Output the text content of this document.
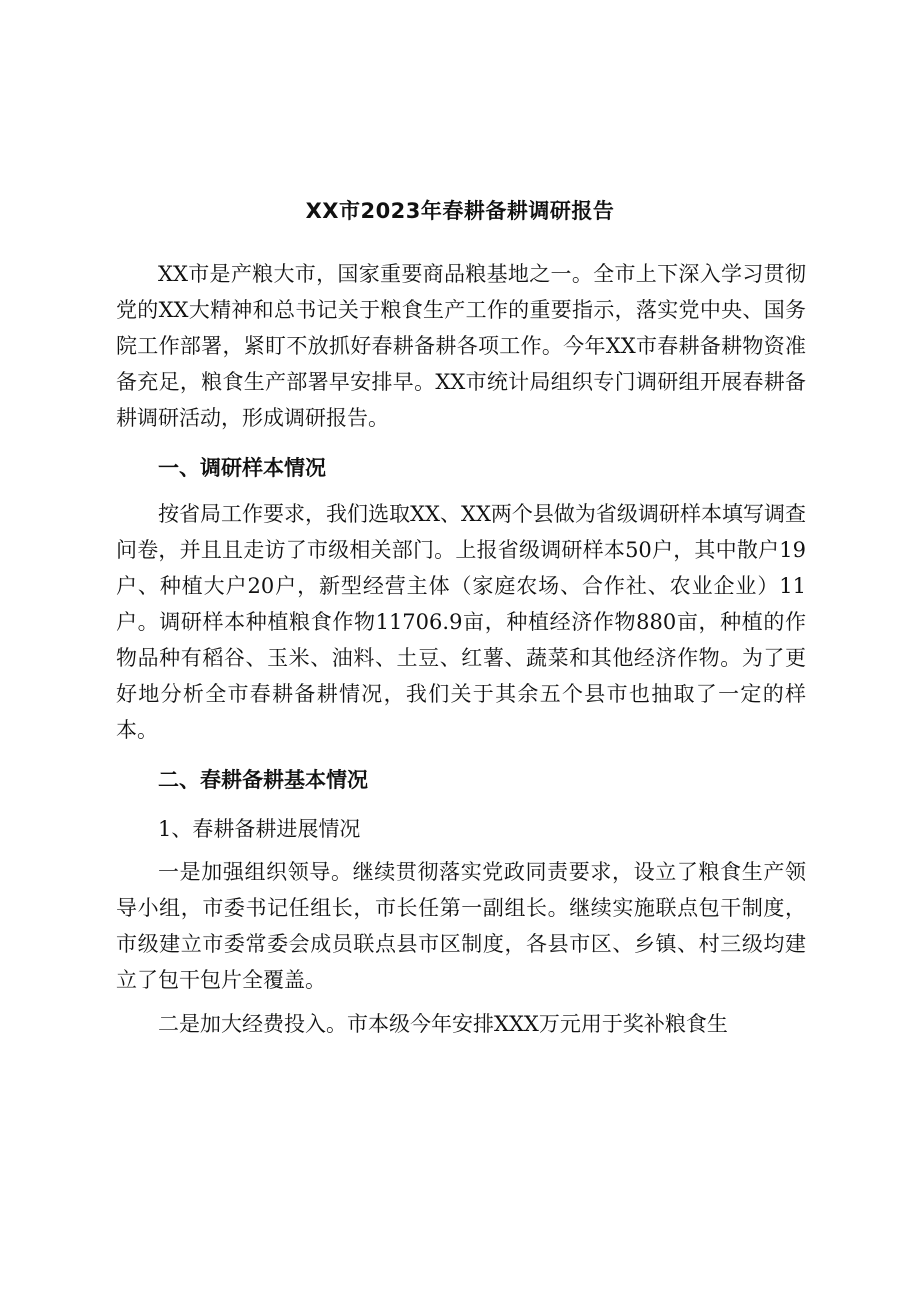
XX市2023年春耕备耕调研报告

XX市是产粮大市，国家重要商品粮基地之一。全市上下深入学习贯彻党的XX大精神和总书记关于粮食生产工作的重要指示，落实党中央、国务院工作部署，紧盯不放抓好春耕备耕各项工作。今年XX市春耕备耕物资准备充足，粮食生产部署早安排早。XX市统计局组织专门调研组开展春耕备耕调研活动，形成调研报告。

一、调研样本情况

按省局工作要求，我们选取XX、XX两个县做为省级调研样本填写调查问卷，并且且走访了市级相关部门。上报省级调研样本50户，其中散户19户、种植大户20户，新型经营主体（家庭农场、合作社、农业企业）11户。调研样本种植粮食作物11706.9亩，种植经济作物880亩，种植的作物品种有稻谷、玉米、油料、土豆、红薯、蔬菜和其他经济作物。为了更好地分析全市春耕备耕情况，我们关于其余五个县市也抽取了一定的样本。

二、春耕备耕基本情况

1、春耕备耕进展情况

一是加强组织领导。继续贯彻落实党政同责要求，设立了粮食生产领导小组，市委书记任组长，市长任第一副组长。继续实施联点包干制度，市级建立市委常委会成员联点县市区制度，各县市区、乡镇、村三级均建立了包干包片全覆盖。

二是加大经费投入。市本级今年安排XXX万元用于奖补粮食生
